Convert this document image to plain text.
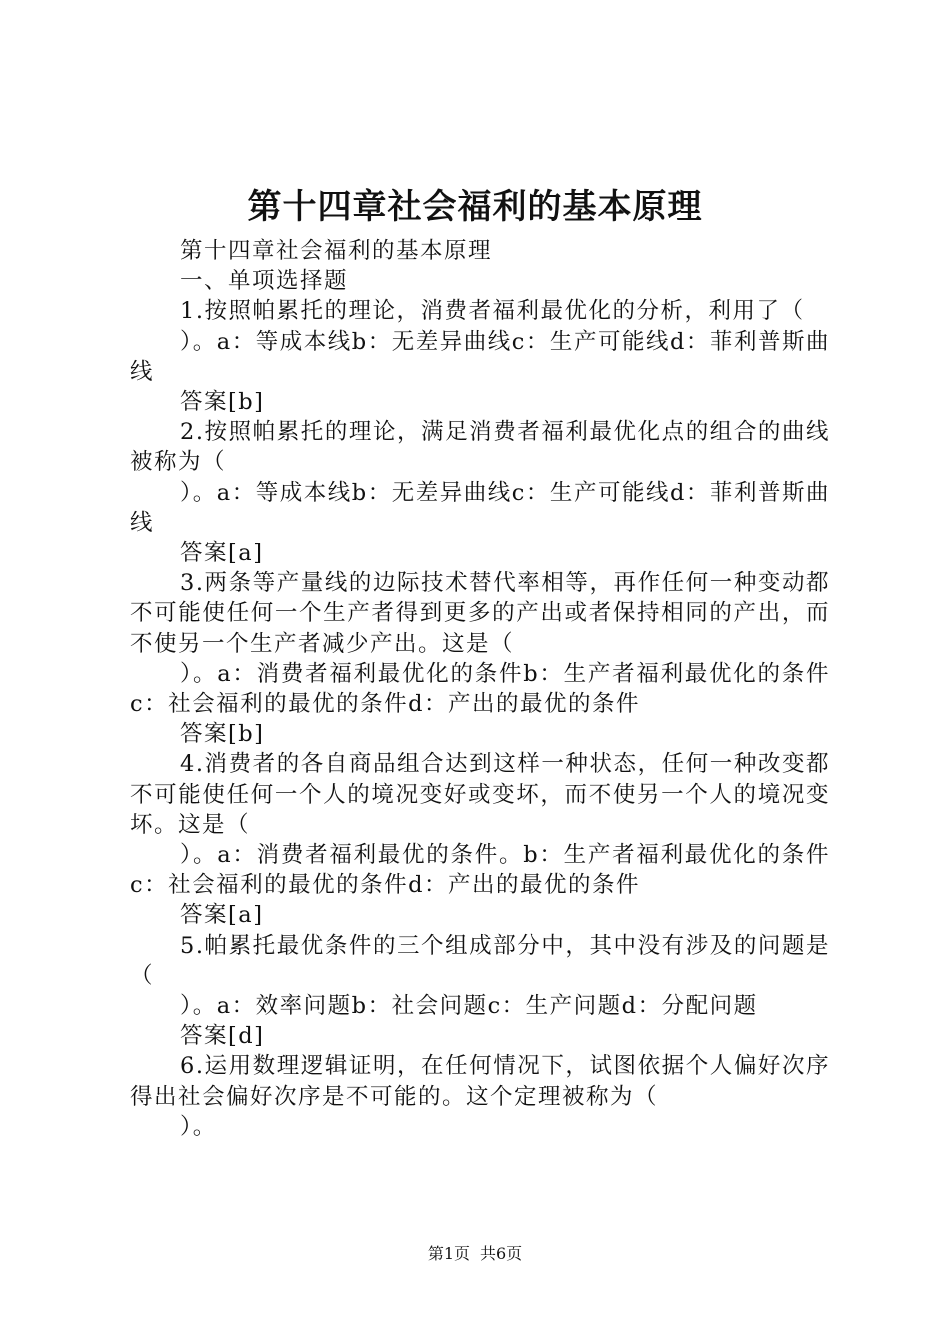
第十四章社会福利的基本原理

第十四章社会福利的基本原理

一、单项选择题

1.按照帕累托的理论，消费者福利最优化的分析，利用了（

）。a：等成本线b：无差异曲线c：生产可能线d：菲利普斯曲线

答案[b]

2.按照帕累托的理论，满足消费者福利最优化点的组合的曲线被称为（

）。a：等成本线b：无差异曲线c：生产可能线d：菲利普斯曲线

答案[a]

3.两条等产量线的边际技术替代率相等，再作任何一种变动都不可能使任何一个生产者得到更多的产出或者保持相同的产出，而不使另一个生产者减少产出。这是（

）。a：消费者福利最优化的条件b：生产者福利最优化的条件c：社会福利的最优的条件d：产出的最优的条件

答案[b]

4.消费者的各自商品组合达到这样一种状态，任何一种改变都不可能使任何一个人的境况变好或变坏，而不使另一个人的境况变坏。这是（

）。a：消费者福利最优的条件。b：生产者福利最优化的条件c：社会福利的最优的条件d：产出的最优的条件

答案[a]

5.帕累托最优条件的三个组成部分中，其中没有涉及的问题是（

）。a：效率问题b：社会问题c：生产问题d：分配问题

答案[d]

6.运用数理逻辑证明，在任何情况下，试图依据个人偏好次序得出社会偏好次序是不可能的。这个定理被称为（

）。

第1页 共6页
